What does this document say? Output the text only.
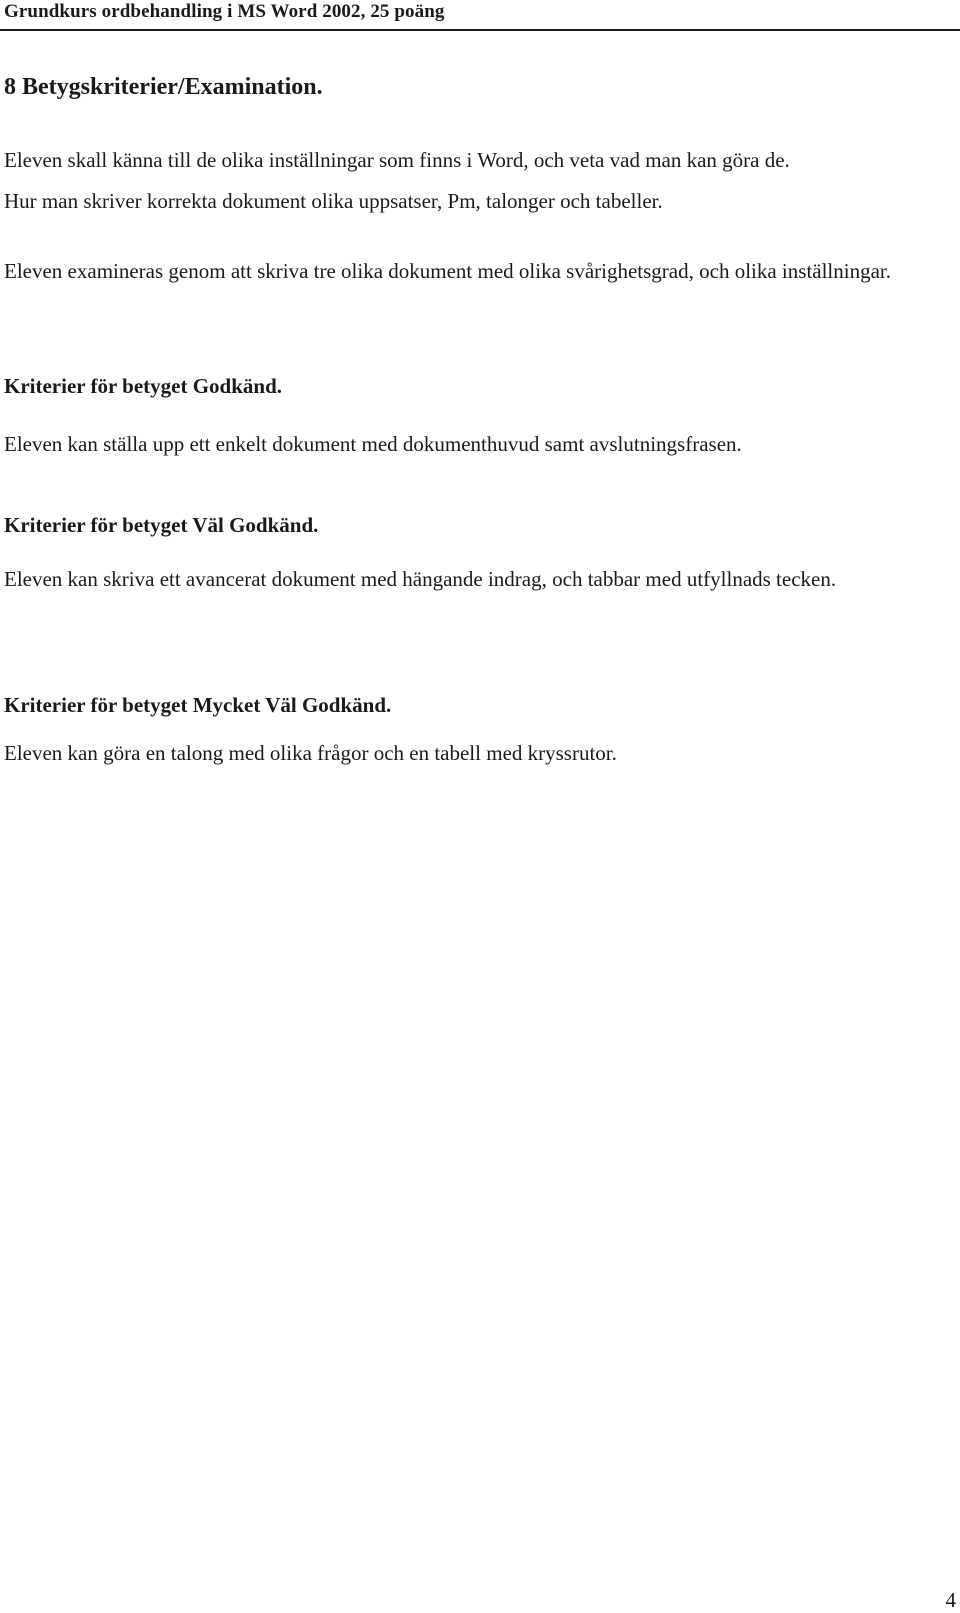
Grundkurs ordbehandling i MS Word 2002, 25 poäng
8 Betygskriterier/Examination.
Eleven skall känna till de olika inställningar som finns i Word, och veta vad man kan göra de.
Hur man skriver korrekta dokument olika uppsatser, Pm, talonger och tabeller.
Eleven examineras genom att skriva tre olika dokument med olika svårighetsgrad, och olika inställningar.
Kriterier för betyget Godkänd.
Eleven kan ställa upp ett enkelt dokument med dokumenthuvud samt avslutningsfrasen.
Kriterier för betyget Väl Godkänd.
Eleven kan skriva ett avancerat dokument med hängande indrag, och tabbar med utfyllnads tecken.
Kriterier för betyget Mycket Väl Godkänd.
Eleven kan göra en talong med olika frågor och en tabell med kryssrutor.
4
